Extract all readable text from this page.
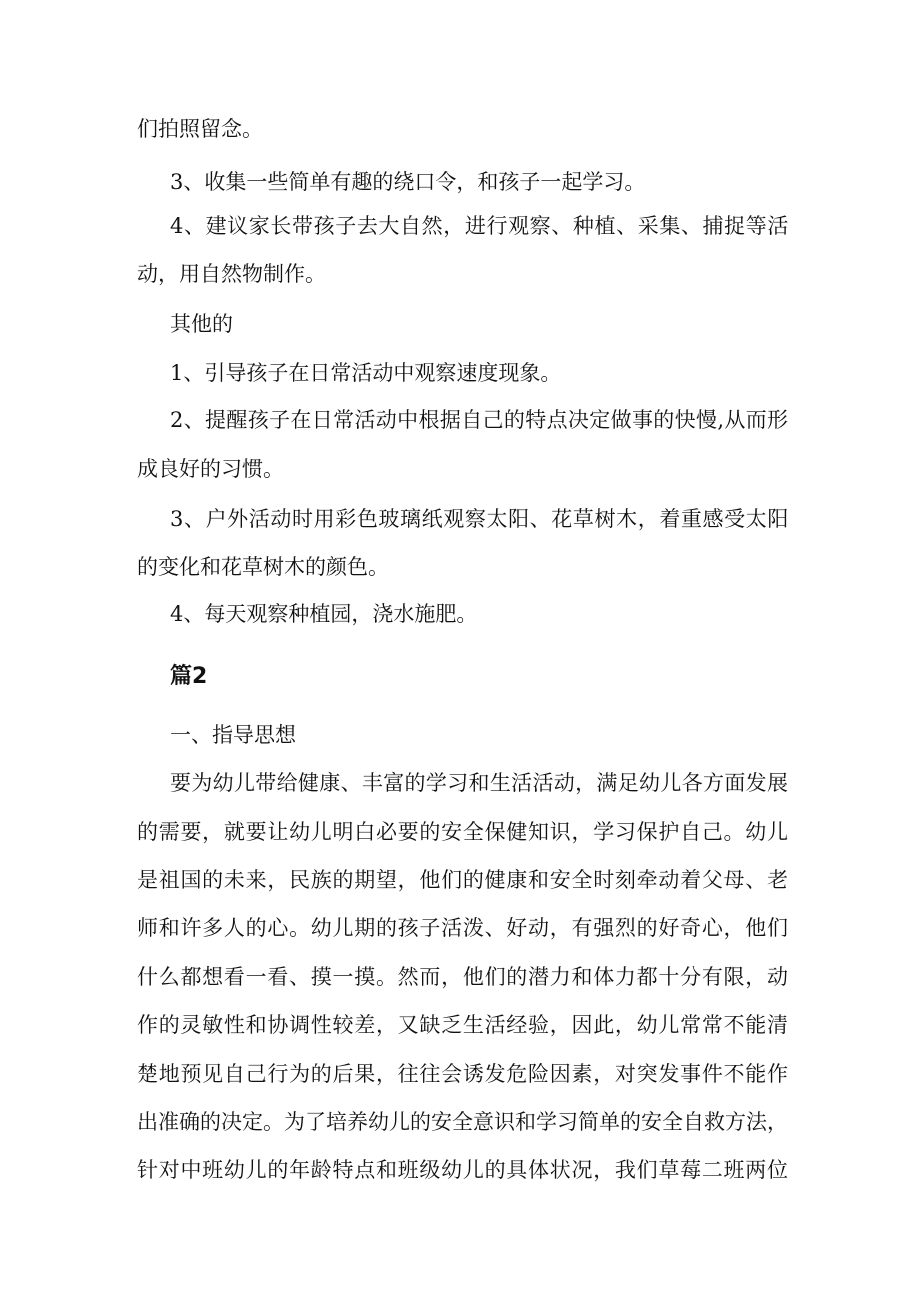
们拍照留念。

3、收集一些简单有趣的绕口令，和孩子一起学习。

4、建议家长带孩子去大自然，进行观察、种植、采集、捕捉等活

动，用自然物制作。

其他的

1、引导孩子在日常活动中观察速度现象。

2、提醒孩子在日常活动中根据自己的特点决定做事的快慢,从而形

成良好的习惯。

3、户外活动时用彩色玻璃纸观察太阳、花草树木，着重感受太阳

的变化和花草树木的颜色。

4、每天观察种植园，浇水施肥。

篇2

一、指导思想

要为幼儿带给健康、丰富的学习和生活活动，满足幼儿各方面发展

的需要，就要让幼儿明白必要的安全保健知识，学习保护自己。幼儿

是祖国的未来，民族的期望，他们的健康和安全时刻牵动着父母、老

师和许多人的心。幼儿期的孩子活泼、好动，有强烈的好奇心，他们

什么都想看一看、摸一摸。然而，他们的潜力和体力都十分有限，动

作的灵敏性和协调性较差，又缺乏生活经验，因此，幼儿常常不能清

楚地预见自己行为的后果，往往会诱发危险因素，对突发事件不能作

出准确的决定。为了培养幼儿的安全意识和学习简单的安全自救方法，

针对中班幼儿的年龄特点和班级幼儿的具体状况，我们草莓二班两位
